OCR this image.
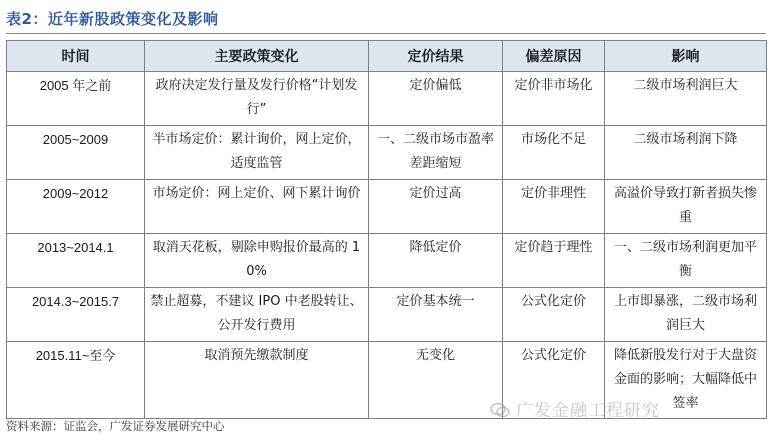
表2：近年新股政策变化及影响
时间	主要政策变化	定价结果	偏差原因	影响
2005 年之前	政府决定发行量及发行价格“计划发行”	定价偏低	定价非市场化	二级市场利润巨大
2005~2009	半市场定价：累计询价，网上定价，适度监管	一、二级市场市盈率差距缩短	市场化不足	二级市场利润下降
2009~2012	市场定价：网上定价、网下累计询价	定价过高	定价非理性	高溢价导致打新者损失惨重
2013~2014.1	取消天花板，剔除申购报价最高的 10%	降低定价	定价趋于理性	一、二级市场利润更加平衡
2014.3~2015.7	禁止超募，不建议 IPO 中老股转让、公开发行费用	定价基本统一	公式化定价	上市即暴涨，二级市场利润巨大
2015.11~至今	取消预先缴款制度	无变化	公式化定价	降低新股发行对于大盘资金面的影响；大幅降低中签率
广发金融工程研究
资料来源：证监会，广发证券发展研究中心
